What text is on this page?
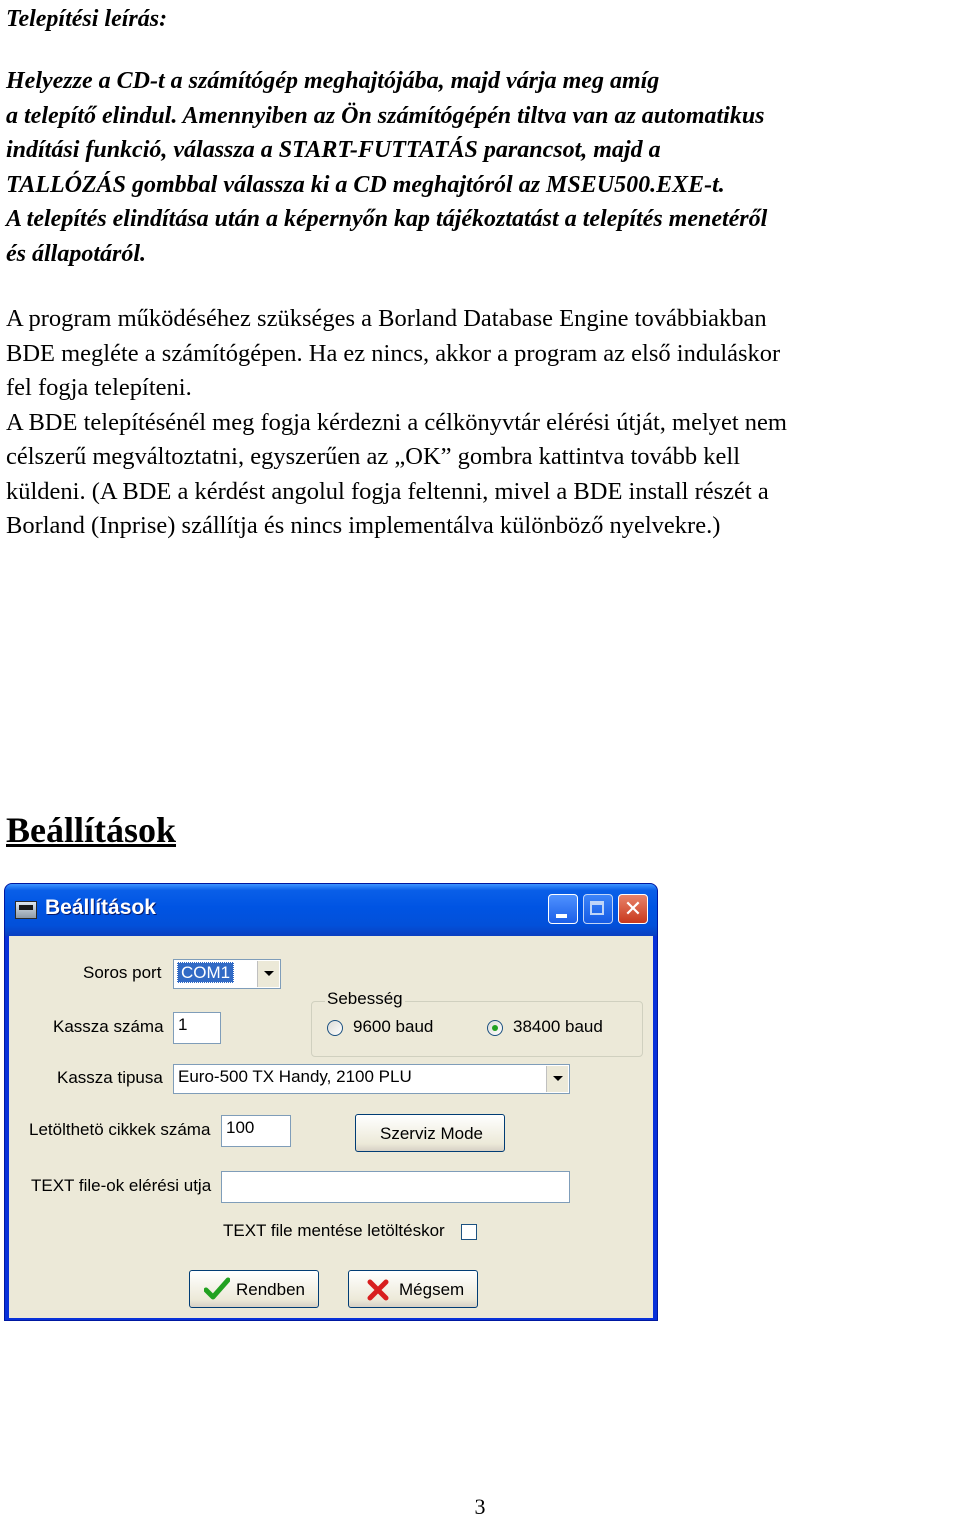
Telepítési leírás:
Helyezze a CD-t a számítógép meghajtójába, majd várja meg amíg
a telepítő elindul. Amennyiben az Ön számítógépén tiltva van az automatikus
indítási funkció, válassza a START-FUTTATÁS parancsot, majd a
TALLÓZÁS gombbal válassza ki a CD meghajtóról az MSEU500.EXE-t.
A telepítés elindítása után a képernyőn kap tájékoztatást a telepítés menetéről
és állapotáról.
A program működéséhez szükséges a Borland Database Engine továbbiakban
BDE megléte a számítógépen. Ha ez nincs, akkor a program az első induláskor
fel fogja telepíteni.
A BDE telepítésénél meg fogja kérdezni a célkönyvtár elérési útját, melyet nem
célszerű megváltoztatni, egyszerűen az „OK” gombra kattintva tovább kell
küldeni. (A BDE a kérdést angolul fogja feltenni, mivel a BDE install részét a
Borland (Inprise) szállítja és nincs implementálva különböző nyelvekre.)
Beállítások
Beállítások	✕
Soros port	COM1
Sebesség
9600 baud	38400 baud
Kassza száma 1
Kassza tipusa Euro-500 TX Handy, 2100 PLU
Letölthetö cikkek száma 100	Szerviz Mode
TEXT file-ok elérési utja
TEXT file mentése letöltéskor
Rendben	Mégsem
3
